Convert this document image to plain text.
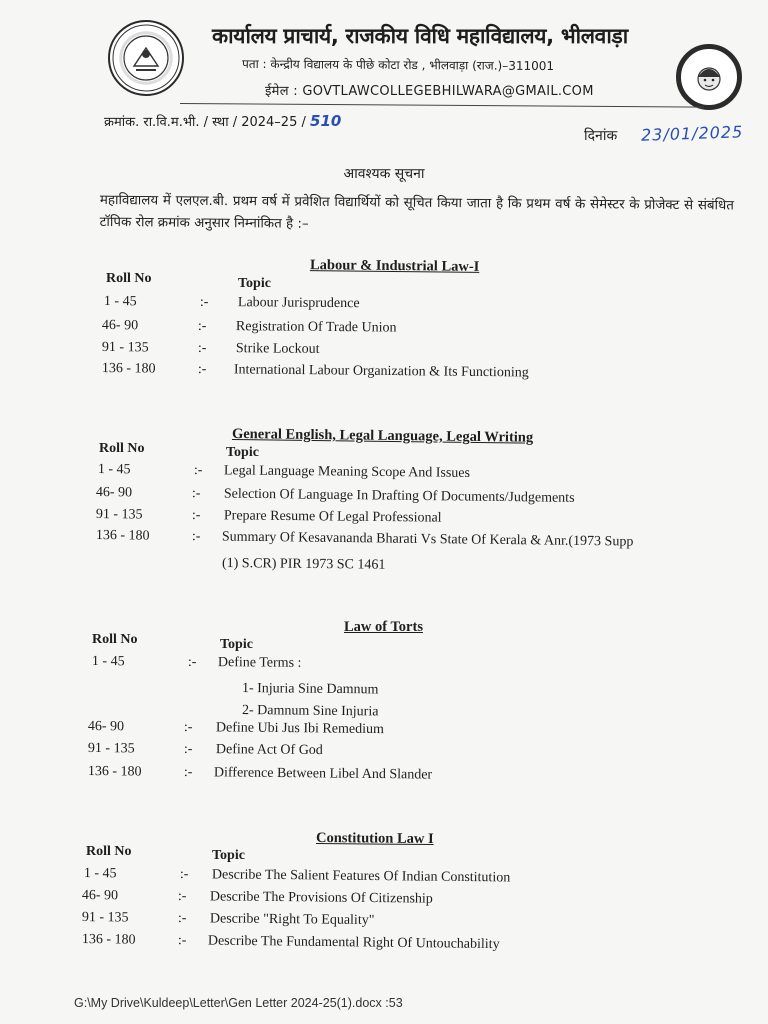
कार्यालय प्राचार्य, राजकीय विधि महाविद्यालय, भीलवाड़ा
पता : केन्द्रीय विद्यालय के पीछे कोटा रोड , भीलवाड़ा (राज.)–311001
ईमेल : GOVTLAWCOLLEGEBHILWARA@GMAIL.COM
क्रमांक. रा.वि.म.भी. / स्था / 2024–25 / 510
दिनांक 23/01/2025
आवश्यक सूचना
महाविद्यालय में एलएल.बी. प्रथम वर्ष में प्रवेशित विद्यार्थियों को सूचित किया जाता है कि प्रथम वर्ष के सेमेस्टर के प्रोजेक्ट से संबंधित टॉपिक रोल क्रमांक अनुसार निम्नांकित है :–
Labour & Industrial Law-I
Roll No	Topic
1 - 45	:- Labour Jurisprudence
46- 90	:- Registration Of Trade Union
91 - 135	:- Strike Lockout
136 - 180	:- International Labour Organization & Its Functioning
General English, Legal Language, Legal Writing
Roll No	Topic
1 - 45	:- Legal Language Meaning Scope And Issues
46- 90	:- Selection Of Language In Drafting Of Documents/Judgements
91 - 135	:- Prepare Resume Of Legal Professional
136 - 180	:- Summary Of Kesavananda Bharati Vs State Of Kerala & Anr.(1973 Supp
(1) S.CR) PIR 1973 SC 1461
Law of Torts
Roll No	Topic
1 - 45	:- Define Terms :
1- Injuria Sine Damnum
2- Damnum Sine Injuria
46- 90	:- Define Ubi Jus Ibi Remedium
91 - 135	:- Define Act Of God
136 - 180	:- Difference Between Libel And Slander
Constitution Law I
Roll No	Topic
1 - 45	:- Describe The Salient Features Of Indian Constitution
46- 90	:- Describe The Provisions Of Citizenship
91 - 135	:- Describe "Right To Equality"
136 - 180	:- Describe The Fundamental Right Of Untouchability
G:\My Drive\Kuldeep\Letter\Gen Letter 2024-25(1).docx :53
